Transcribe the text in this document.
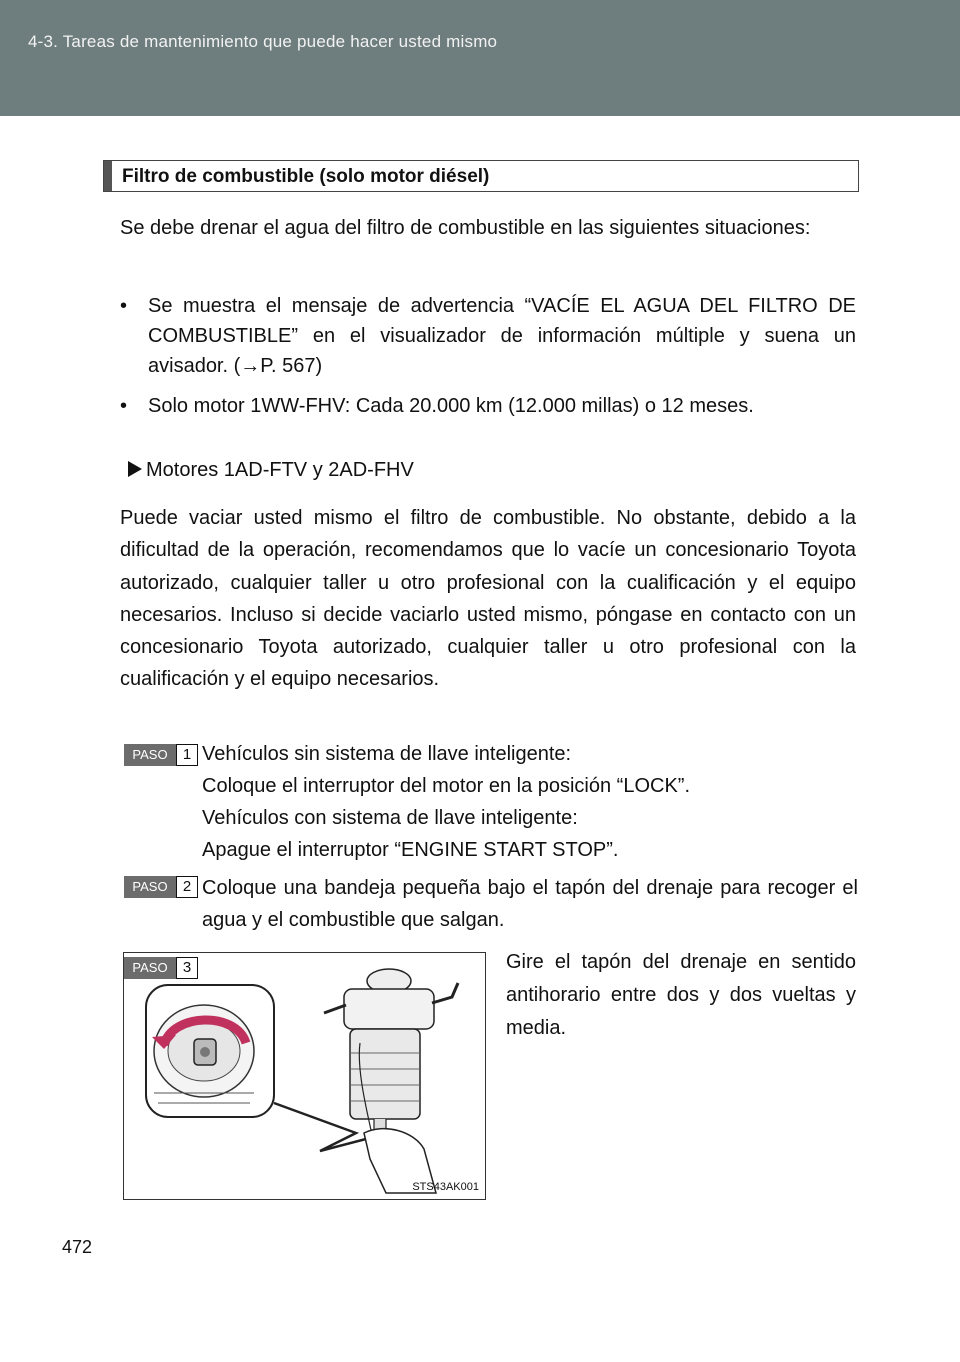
4-3. Tareas de mantenimiento que puede hacer usted mismo
Filtro de combustible (solo motor diésel)
Se debe drenar el agua del filtro de combustible en las siguientes situaciones:
• Se muestra el mensaje de advertencia “VACÍE EL AGUA DEL FILTRO DE COMBUSTIBLE” en el visualizador de información múltiple y suena un avisador. (→P. 567)
• Solo motor 1WW-FHV: Cada 20.000 km (12.000 millas) o 12 meses.
Motores 1AD-FTV y 2AD-FHV
Puede vaciar usted mismo el filtro de combustible. No obstante, debido a la dificultad de la operación, recomendamos que lo vacíe un concesionario Toyota autorizado, cualquier taller u otro profesional con la cualificación y el equipo necesarios. Incluso si decide vaciarlo usted mismo, póngase en contacto con un concesionario Toyota autorizado, cualquier taller u otro profesional con la cualificación y el equipo necesarios.
PASO	1 Vehículos sin sistema de llave inteligente:
Coloque el interruptor del motor en la posición “LOCK”.
Vehículos con sistema de llave inteligente:
Apague el interruptor “ENGINE START STOP”.
PASO	2 Coloque una bandeja pequeña bajo el tapón del drenaje para recoger el agua y el combustible que salgan.
STS43AK001
PASO	3	Gire el tapón del drenaje en sentido antihorario entre dos y dos vueltas y media.
472
